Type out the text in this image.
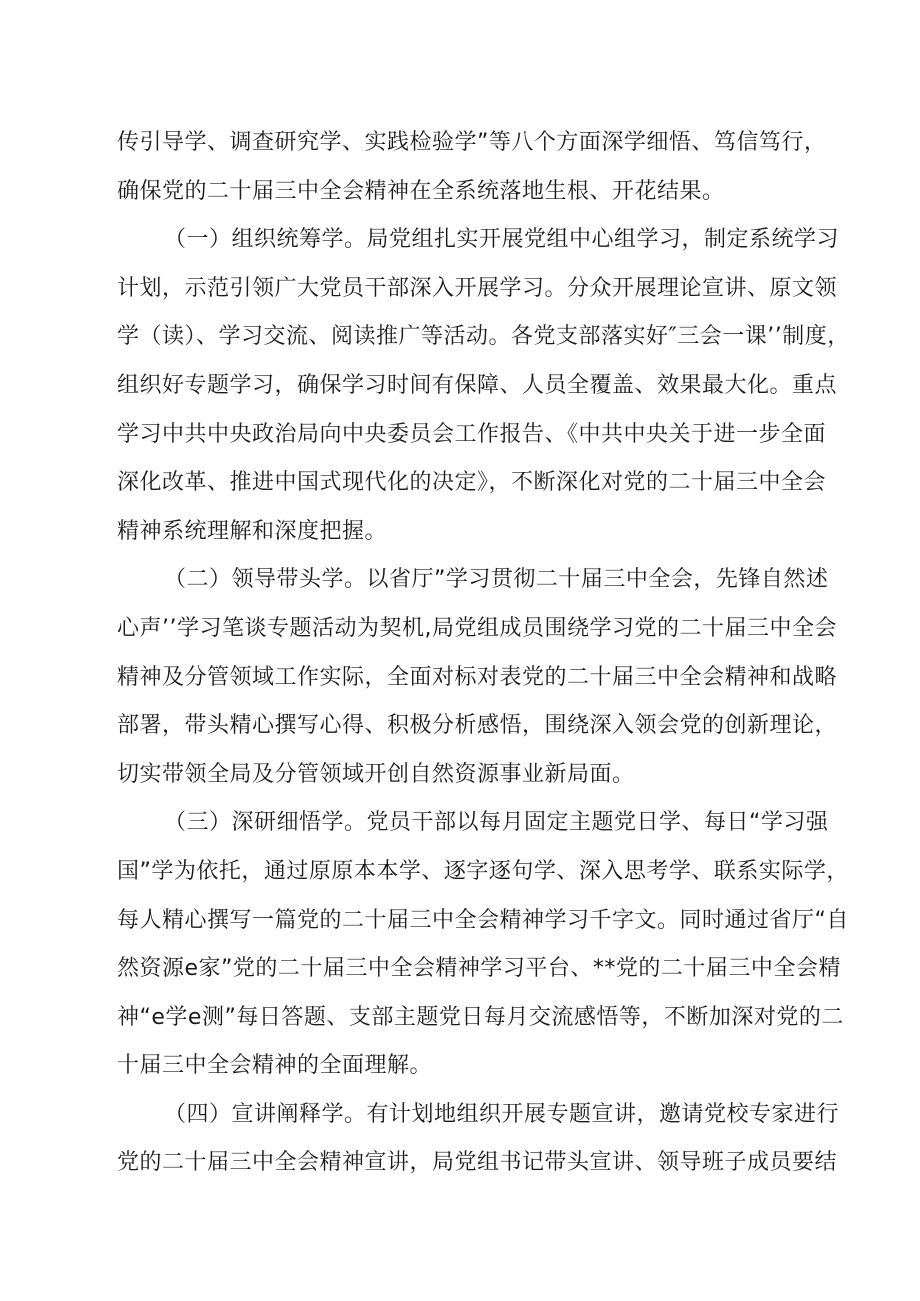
传引导学、调查研究学、实践检验学”等八个方面深学细悟、笃信笃行，
确保党的二十届三中全会精神在全系统落地生根、开花结果。
（一）组织统筹学。局党组扎实开展党组中心组学习，制定系统学习
计划，示范引领广大党员干部深入开展学习。分众开展理论宣讲、原文领
学（读）、学习交流、阅读推广等活动。各党支部落实好″三会一课’’制度，
组织好专题学习，确保学习时间有保障、人员全覆盖、效果最大化。重点
学习中共中央政治局向中央委员会工作报告、《中共中央关于进一步全面
深化改革、推进中国式现代化的决定》，不断深化对党的二十届三中全会
精神系统理解和深度把握。
（二）领导带头学。以省厅”学习贯彻二十届三中全会，先锋自然述
心声’’学习笔谈专题活动为契机,局党组成员围绕学习党的二十届三中全会
精神及分管领域工作实际，全面对标对表党的二十届三中全会精神和战略
部署，带头精心撰写心得、积极分析感悟，围绕深入领会党的创新理论，
切实带领全局及分管领域开创自然资源事业新局面。
（三）深研细悟学。党员干部以每月固定主题党日学、每日“学习强
国”学为依托，通过原原本本学、逐字逐句学、深入思考学、联系实际学，
每人精心撰写一篇党的二十届三中全会精神学习千字文。同时通过省厅“自
然资源e家”党的二十届三中全会精神学习平台、**党的二十届三中全会精
神“e学e测”每日答题、支部主题党日每月交流感悟等，不断加深对党的二
十届三中全会精神的全面理解。
（四）宣讲阐释学。有计划地组织开展专题宣讲，邀请党校专家进行
党的二十届三中全会精神宣讲，局党组书记带头宣讲、领导班子成员要结
